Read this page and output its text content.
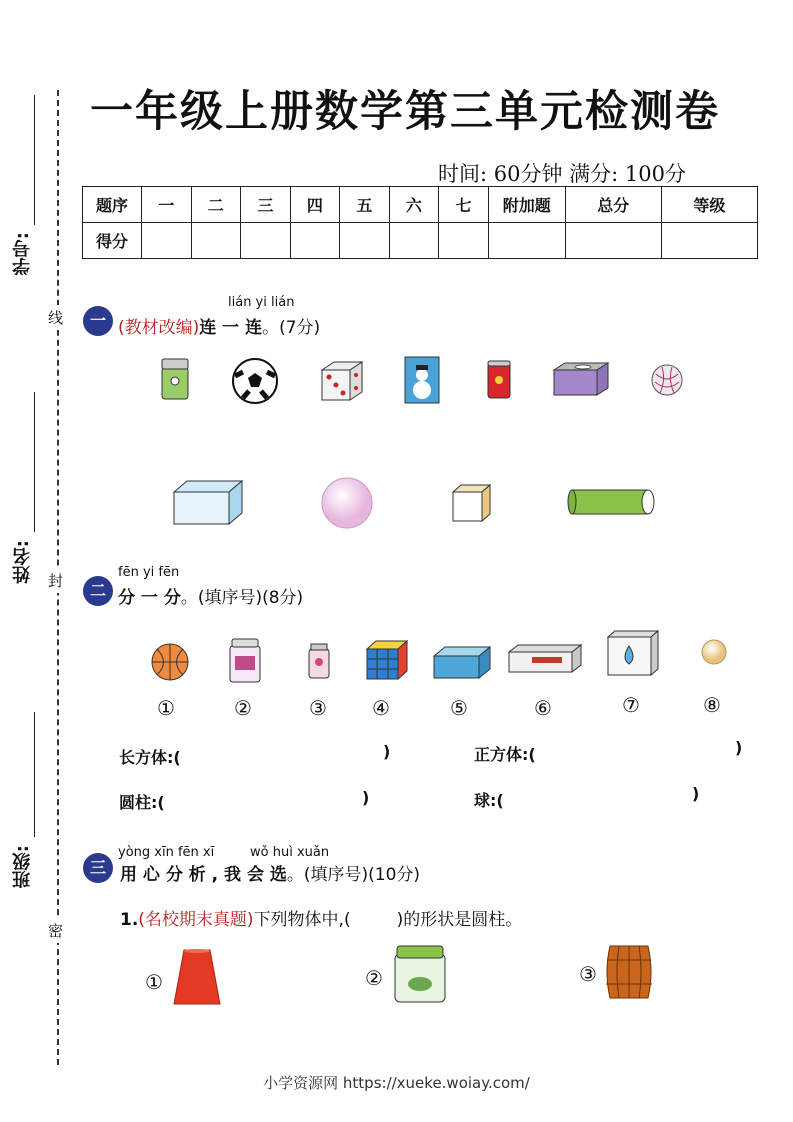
学号:
姓名:
班级:
线
封
密
一年级上册数学第三单元检测卷
时间: 60分钟 满分: 100分
题序	一	二	三	四	五	六	七	附加题	总分	等级
得分										
一
lián yi lián
(教材改编)连 一 连。(7分)
二
fēn yi fēn
分 一 分。(填序号)(8分)
①	②	③ ④	⑤	⑥	⑦	⑧
长方体:(	)	正方体:(	)
圆柱:(	)	球:(	)
三
yòng xīn fēn xī	wǒ huì xuǎn
用 心 分 析 , 我 会 选。(填序号)(10分)
1.(名校期末真题)下列物体中,(	)的形状是圆柱。
①	②	③
小学资源网 https://xueke.woiay.com/
